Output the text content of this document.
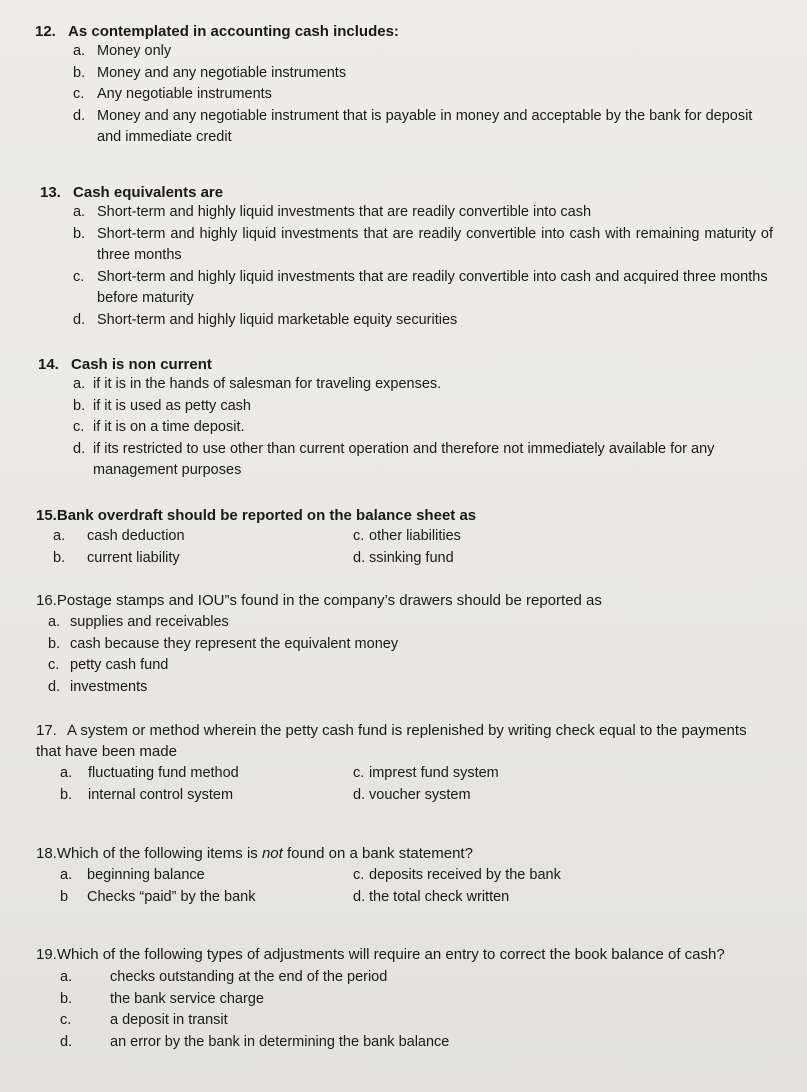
12. As contemplated in accounting cash includes:
a. Money only
b. Money and any negotiable instruments
c. Any negotiable instruments
d. Money and any negotiable instrument that is payable in money and acceptable by the bank for deposit and immediate credit
13. Cash equivalents are
a. Short-term and highly liquid investments that are readily convertible into cash
b. Short-term and highly liquid investments that are readily convertible into cash with remaining maturity of three months
c. Short-term and highly liquid investments that are readily convertible into cash and acquired three months before maturity
d. Short-term and highly liquid marketable equity securities
14. Cash is non current
a. if it is in the hands of salesman for traveling expenses.
b. if it is used as petty cash
c. if it is on a time deposit.
d. if its restricted to use other than current operation and therefore not immediately available for any management purposes
15.Bank overdraft should be reported on the balance sheet as
a. cash deduction	c. other liabilities
b. current liability	d. ssinking fund
16.Postage stamps and IOU”s found in the company’s drawers should be reported as
a. supplies and receivables
b. cash because they represent the equivalent money
c. petty cash fund
d. investments
17. A system or method wherein the petty cash fund is replenished by writing check equal to the payments that have been made
a. fluctuating fund method	c. imprest fund system
b. internal control system	d. voucher system
18.Which of the following items is not found on a bank statement?
a. beginning balance	c. deposits received by the bank
b Checks “paid” by the bank	d. the total check written
19.Which of the following types of adjustments will require an entry to correct the book balance of cash?
a.	checks outstanding at the end of the period
b.	the bank service charge
c.	a deposit in transit
d.	an error by the bank in determining the bank balance
